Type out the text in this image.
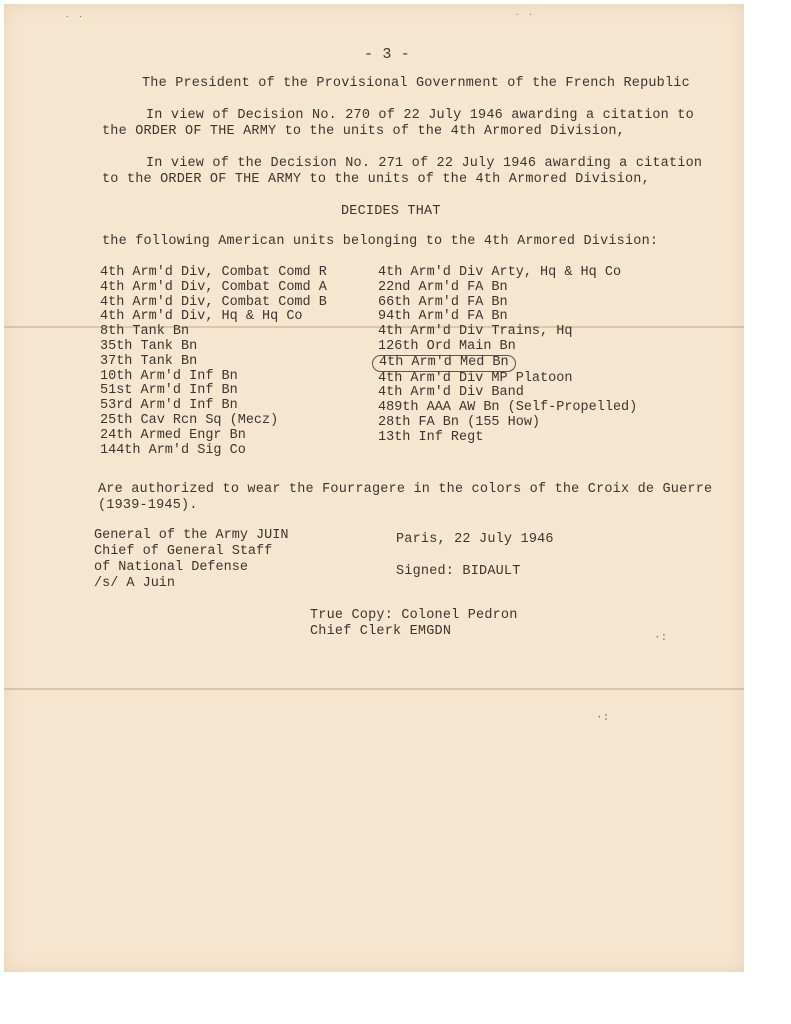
- 3 -
The President of the Provisional Government of the French Republic
In view of Decision No. 270 of 22 July 1946 awarding a citation to
the ORDER OF THE ARMY to the units of the 4th Armored Division,
In view of the Decision No. 271 of 22 July 1946 awarding a citation
to the ORDER OF THE ARMY to the units of the 4th Armored Division,
DECIDES THAT
the following American units belonging to the 4th Armored Division:
4th Arm'd Div, Combat Comd R
4th Arm'd Div, Combat Comd A
4th Arm'd Div, Combat Comd B
4th Arm'd Div, Hq & Hq Co
8th Tank Bn
35th Tank Bn
37th Tank Bn
10th Arm'd Inf Bn
51st Arm'd Inf Bn
53rd Arm'd Inf Bn
25th Cav Rcn Sq (Mecz)
24th Armed Engr Bn
144th Arm'd Sig Co
4th Arm'd Div Arty, Hq & Hq Co
22nd Arm'd FA Bn
66th Arm'd FA Bn
94th Arm'd FA Bn
4th Arm'd Div Trains, Hq
126th Ord Main Bn
4th Arm'd Med Bn
4th Arm'd Div MP Platoon
4th Arm'd Div Band
489th AAA AW Bn (Self-Propelled)
28th FA Bn (155 How)
13th Inf Regt
Are authorized to wear the Fourragere in the colors of the Croix de Guerre
(1939-1945).
General of the Army JUIN
Chief of General Staff
of National Defense
/s/ A Juin
Paris, 22 July 1946
Signed: BIDAULT
True Copy: Colonel Pedron
Chief Clerk EMGDN
˙ ˙	˙ ˙
·:
·:
